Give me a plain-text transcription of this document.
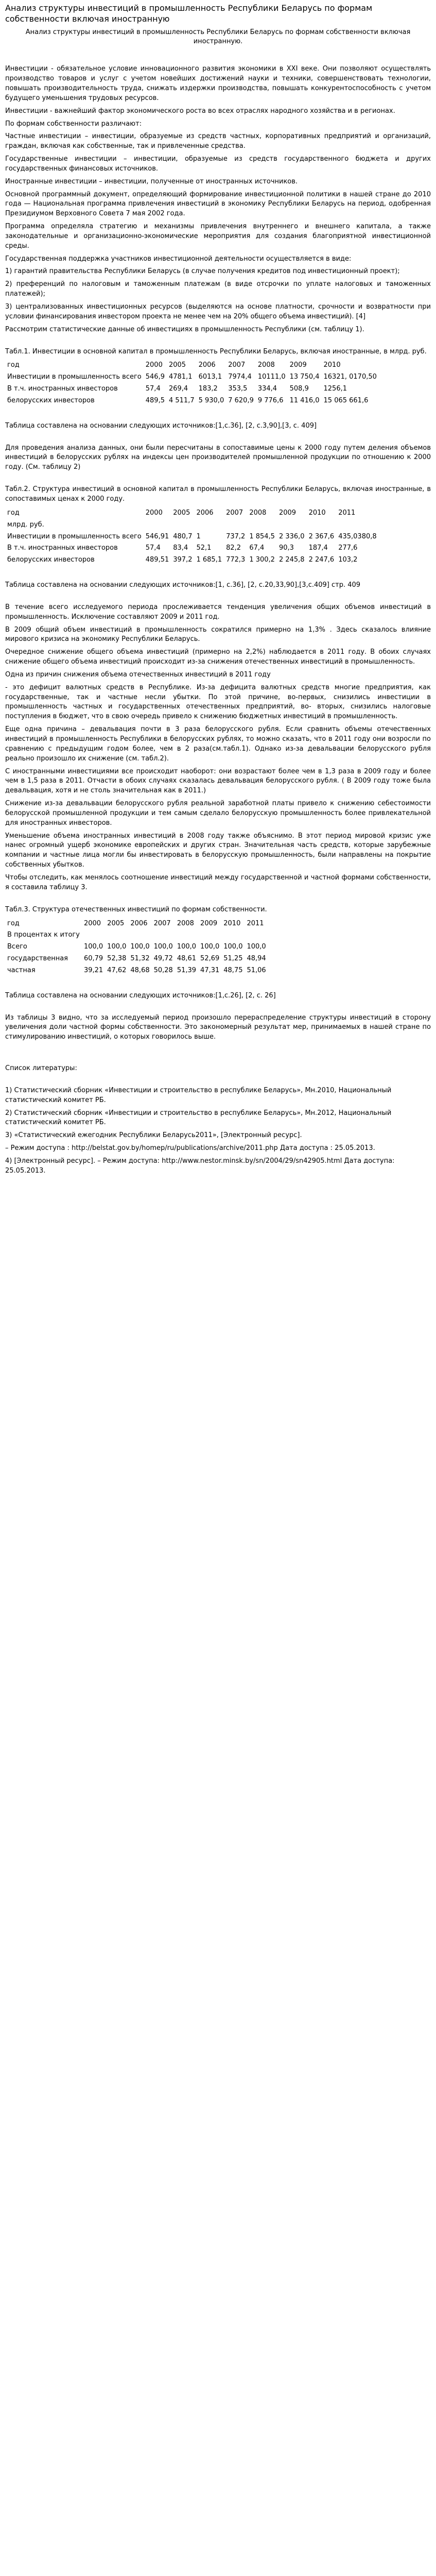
Анализ структуры инвестиций в промышленность Республики Беларусь по формам собственности включая иностранную

Анализ структуры инвестиций в промышленность Республики Беларусь по формам собственности включая иностранную.

Инвестиции - обязательное условие инновационного развития экономики в XXI веке. Они позволяют осуществлять производство товаров и услуг с учетом новейших достижений науки и техники, совершенствовать технологии, повышать производительность труда, снижать издержки производства, повышать конкурентоспособность с учетом будущего уменьшения трудовых ресурсов.

Инвестиции - важнейший фактор экономического роста во всех отраслях народного хозяйства и в регионах.

По формам собственности различают:

Частные инвестиции – инвестиции, образуемые из средств частных, корпоративных предприятий и организаций, граждан, включая как собственные, так и привлеченные средства.

Государственные инвестиции – инвестиции, образуемые из средств государственного бюджета и других государственных финансовых источников.

Иностранные инвестиции – инвестиции, полученные от иностранных источников.

Основной программный документ, определяющий формирование инвестиционной политики в нашей стране до 2010 года — Национальная программа привлечения инвестиций в экономику Республики Беларусь на период, одобренная Президиумом Верховного Совета 7 мая 2002 года.

Программа определяла стратегию и механизмы привлечения внутреннего и внешнего капитала, а также законодательные и организационно-экономические мероприятия для создания благоприятной инвестиционной среды.

Государственная поддержка участников инвестиционной деятельности осуществляется в виде:

1) гарантий правительства Республики Беларусь (в случае получения кредитов под инвестиционный проект);

2) преференций по налоговым и таможенным платежам (в виде отсрочки по уплате налоговых и таможенных платежей);

3) централизованных инвестиционных ресурсов (выделяются на основе платности, срочности и возвратности при условии финансирования инвестором проекта не менее чем на 20% общего объема инвестиций). [4]

Рассмотрим статистические данные об инвестициях в промышленность Республики (см. таблицу 1).

Табл.1. Инвестиции в основной капитал в промышленность Республики Беларусь, включая иностранные, в млрд. руб.

год	2000	2005	2006	2007	2008	2009	2010
Инвестиции в промышленность всего	546,9	4781,1	6013,1	7974,4	10111,0	13 750,4	16321, 0170,50
В т.ч. иностранных инвесторов	57,4	269,4	183,2	353,5	334,4	508,9	1256,1
белорусских инвесторов	489,5	4 511,7	5 930,0	7 620,9	9 776,6	11 416,0	15 065 661,6

Таблица составлена на основании следующих источников:[1,с.36], [2, с.3,90],[3, с. 409]

Для проведения анализа данных, они были пересчитаны в сопоставимые цены к 2000 году путем деления объемов инвестиций в белорусских рублях на индексы цен производителей промышленной продукции по отношению к 2000 году. (См. таблицу 2)

Табл.2. Структура инвестиций в основной капитал в промышленность Республики Беларусь, включая иностранные, в сопоставимых ценах к 2000 году.

год	2000	2005	2006	2007	2008	2009	2010	2011
млрд. руб.								
Инвестиции в промышленность всего	546,91	480,7	1	737,2	1 854,5	2 336,0	2 367,6	435,0380,8
В т.ч. иностранных инвесторов	57,4	83,4	52,1	82,2	67,4	90,3	187,4	277,6
белорусских инвесторов	489,51	397,2	1 685,1	772,3	1 300,2	2 245,8	2 247,6	103,2

Таблица составлена на основании следующих источников:[1, с.36], [2, с.20,33,90],[3,с.409] стр. 409

В течение всего исследуемого периода прослеживается тенденция увеличения общих объемов инвестиций в промышленность. Исключение составляют 2009 и 2011 год.

В 2009 общий объем инвестиций в промышленность сократился примерно на 1,3% . Здесь сказалось влияние мирового кризиса на экономику Республики Беларусь.

Очередное снижение общего объема инвестиций (примерно на 2,2%) наблюдается в 2011 году. В обоих случаях снижение общего объема инвестиций происходит из-за снижения отечественных инвестиций в промышленность.

Одна из причин снижения объема отечественных инвестиций в 2011 году

- это дефицит валютных средств в Республике. Из-за дефицита валютных средств многие предприятия, как государственные, так и частные несли убытки. По этой причине, во-первых, снизились инвестиции в промышленность частных и государственных отечественных предприятий, во- вторых, снизились налоговые поступления в бюджет, что в свою очередь привело к снижению бюджетных инвестиций в промышленность.

Еще одна причина – девальвация почти в 3 раза белорусского рубля. Если сравнить объемы отечественных инвестиций в промышленность Республики в белорусских рублях, то можно сказать, что в 2011 году они возросли по сравнению с предыдущим годом более, чем в 2 раза(см.табл.1). Однако из-за девальвации белорусского рубля реально произошло их снижение (см. табл.2).

С иностранными инвестициями все происходит наоборот: они возрастают более чем в 1,3 раза в 2009 году и более чем в 1,5 раза в 2011. Отчасти в обоих случаях сказалась девальвация белорусского рубля. ( В 2009 году тоже была девальвация, хотя и не столь значительная как в 2011.)

Снижение из-за девальвации белорусского рубля реальной заработной платы привело к снижению себестоимости белорусской промышленной продукции и тем самым сделало белорусскую промышленность более привлекательной для иностранных инвесторов.

Уменьшение объема иностранных инвестиций в 2008 году также объяснимо. В этот период мировой кризис уже нанес огромный ущерб экономике европейских и других стран. Значительная часть средств, которые зарубежные компании и частные лица могли бы инвестировать в белорусскую промышленность, были направлены на покрытие собственных убытков.

Чтобы отследить, как менялось соотношение инвестиций между государственной и частной формами собственности, я составила таблицу 3.

Табл.3. Структура отечественных инвестиций по формам собственности.

год	2000	2005	2006	2007	2008	2009	2010	2011
В процентах к итогу								
Всего	100,0	100,0	100,0	100,0	100,0	100,0	100,0	100,0
государственная	60,79	52,38	51,32	49,72	48,61	52,69	51,25	48,94
частная	39,21	47,62	48,68	50,28	51,39	47,31	48,75	51,06

Таблица составлена на основании следующих источников:[1,с.26], [2, с. 26]

Из таблицы 3 видно, что за исследуемый период произошло перераспределение структуры инвестиций в сторону увеличения доли частной формы собственности. Это закономерный результат мер, принимаемых в нашей стране по стимулированию инвестиций, о которых говорилось выше.

Список литературы:

1) Статистический сборник «Инвестиции и строительство в республике Беларусь», Мн.2010, Национальный статистический комитет РБ.

2) Статистический сборник «Инвестиции и строительство в республике Беларусь», Мн.2012, Национальный статистический комитет РБ.

3) «Статистический ежегодник Республики Беларусь2011», [Электронный ресурс].

– Режим доступа : http://belstat.gov.by/homep/ru/publications/archive/2011.php Дата доступа : 25.05.2013.

4) [Электронный ресурс]. – Режим доступа: http://www.nestor.minsk.by/sn/2004/29/sn42905.html Дата доступа: 25.05.2013.
